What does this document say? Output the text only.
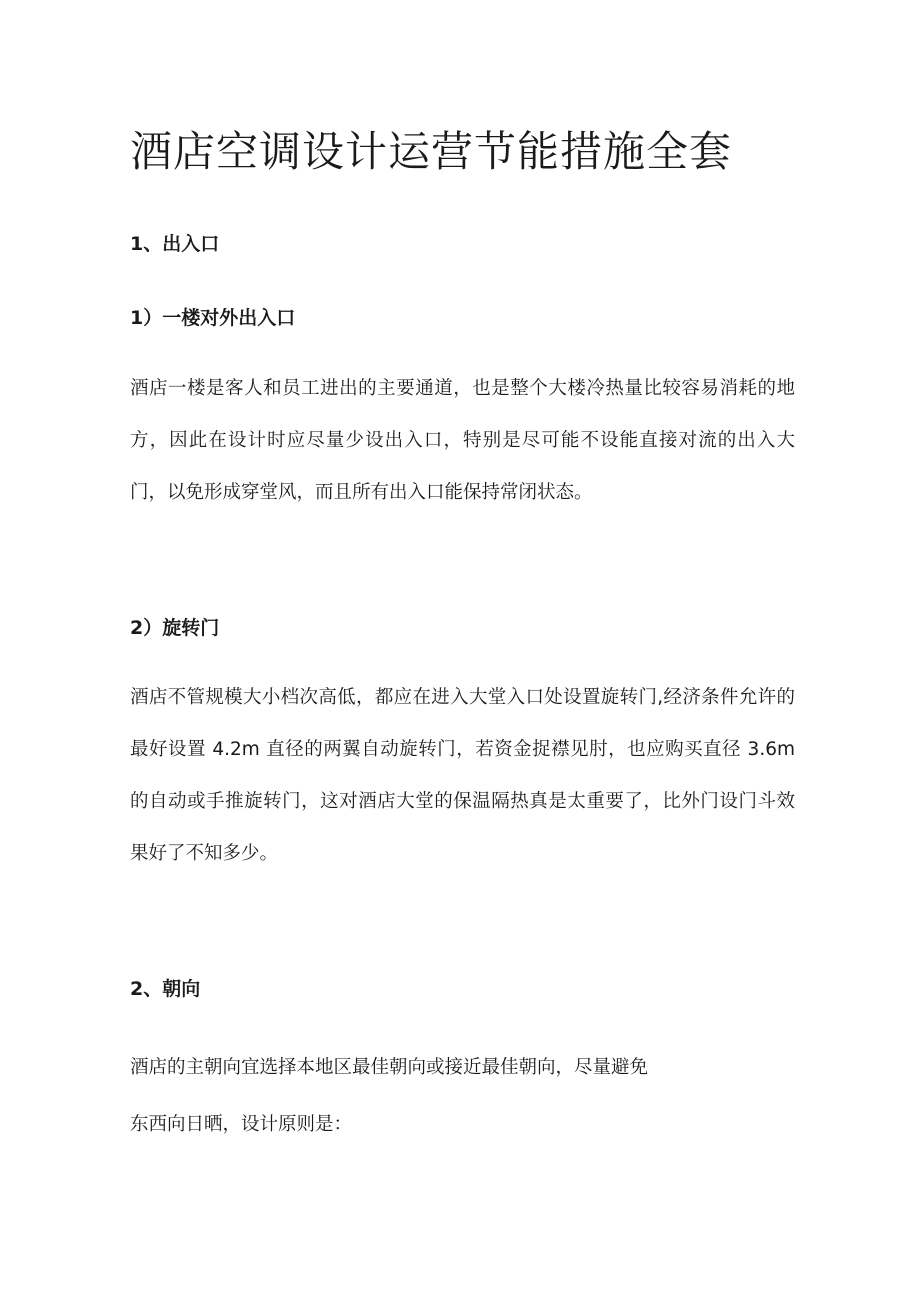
酒店空调设计运营节能措施全套
1、出入口
1）一楼对外出入口

酒店一楼是客人和员工进出的主要通道，也是整个大楼冷热量比较容易消耗的地方，因此在设计时应尽量少设出入口，特别是尽可能不设能直接对流的出入大门，以免形成穿堂风，而且所有出入口能保持常闭状态。

2）旋转门

酒店不管规模大小档次高低，都应在进入大堂入口处设置旋转门,经济条件允许的最好设置 4.2m 直径的两翼自动旋转门，若资金捉襟见肘，也应购买直径 3.6m 的自动或手推旋转门，这对酒店大堂的保温隔热真是太重要了，比外门设门斗效果好了不知多少。

2、朝向

酒店的主朝向宜选择本地区最佳朝向或接近最佳朝向，尽量避免

东西向日晒，设计原则是：
